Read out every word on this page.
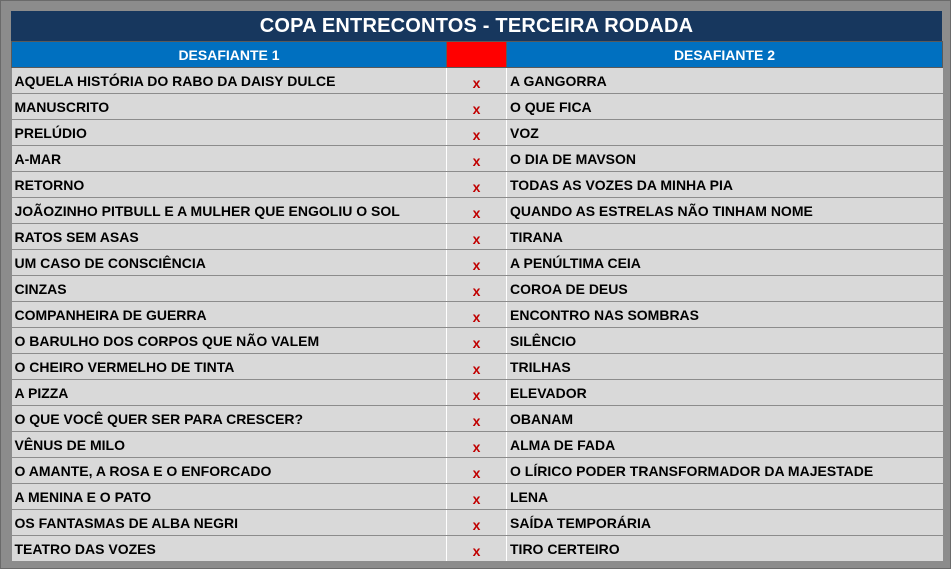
COPA ENTRECONTOS - TERCEIRA RODADA
DESAFIANTE 1		DESAFIANTE 2
AQUELA HISTÓRIA DO RABO DA DAISY DULCE	x	A GANGORRA
MANUSCRITO	x	O QUE FICA
PRELÚDIO	x	VOZ
A-MAR	x	O DIA DE MAVSON
RETORNO	x	TODAS AS VOZES DA MINHA PIA
JOÃOZINHO PITBULL E A MULHER QUE ENGOLIU O SOL	x	QUANDO AS ESTRELAS NÃO TINHAM NOME
RATOS SEM ASAS	x	TIRANA
UM CASO DE CONSCIÊNCIA	x	A PENÚLTIMA CEIA
CINZAS	x	COROA DE DEUS
COMPANHEIRA DE GUERRA	x	ENCONTRO NAS SOMBRAS
O BARULHO DOS CORPOS QUE NÃO VALEM	x	SILÊNCIO
O CHEIRO VERMELHO DE TINTA	x	TRILHAS
A PIZZA	x	ELEVADOR
O QUE VOCÊ QUER SER PARA CRESCER?	x	OBANAM
VÊNUS DE MILO	x	ALMA DE FADA
O AMANTE, A ROSA E O ENFORCADO	x	O LÍRICO PODER TRANSFORMADOR DA MAJESTADE
A MENINA E O PATO	x	LENA
OS FANTASMAS DE ALBA NEGRI	x	SAÍDA TEMPORÁRIA
TEATRO DAS VOZES	x	TIRO CERTEIRO
